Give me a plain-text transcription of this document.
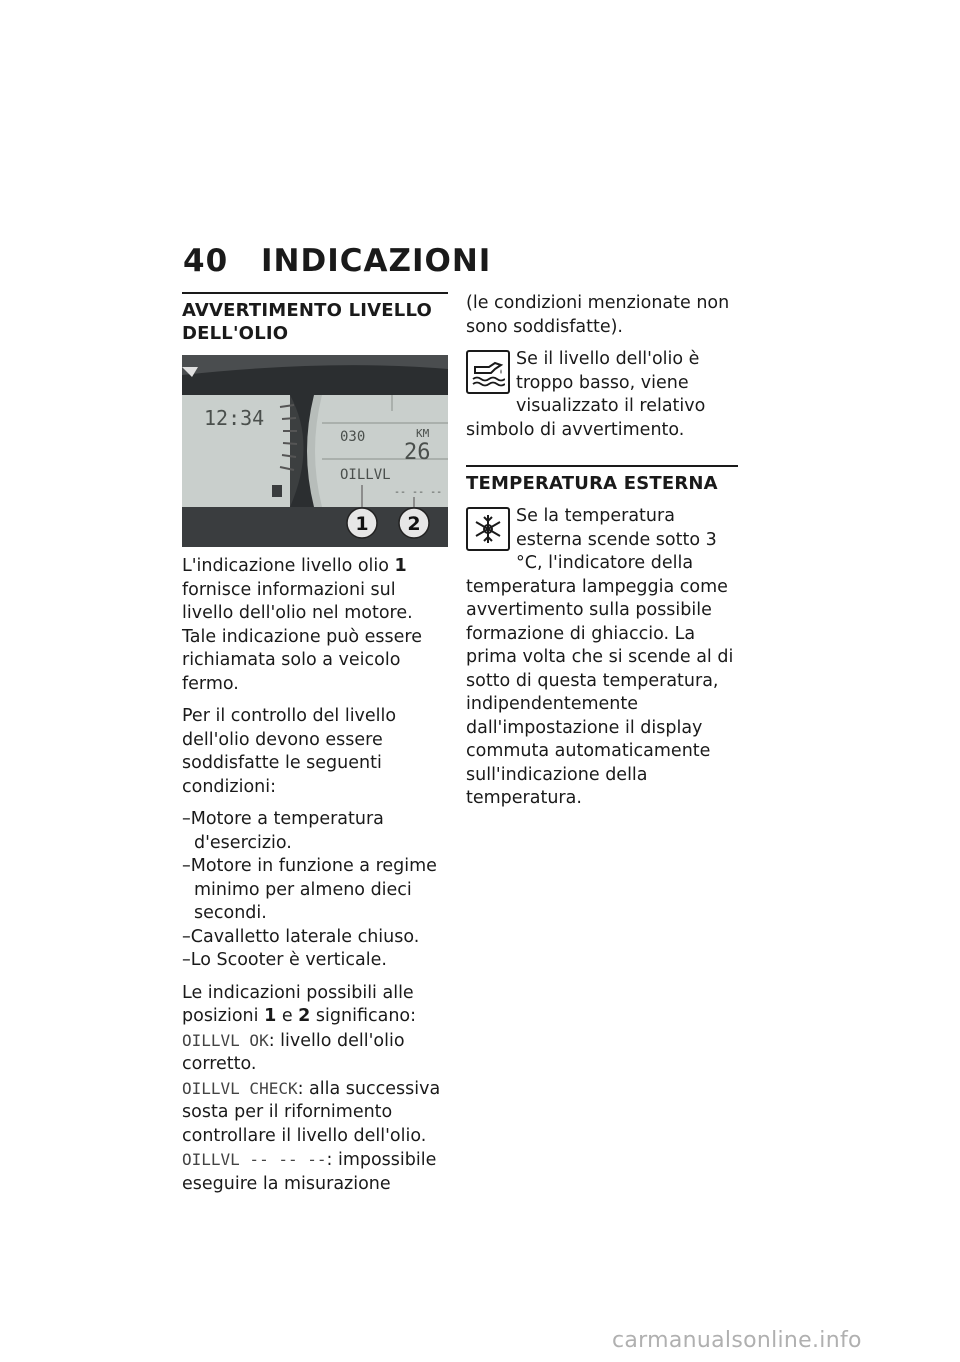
40 INDICAZIONI
AVVERTIMENTO LIVELLO DELL'OLIO
12:34
030	KM
26
OILLVL
-- -- --
1 2

L'indicazione livello olio 1 fornisce informazioni sul livello dell'olio nel motore. Tale indicazione può essere richiamata solo a veicolo fermo.

Per il controllo del livello dell'olio devono essere soddisfatte le seguenti condizioni:

– Motore a temperatura d'esercizio.
– Motore in funzione a regime minimo per almeno dieci secondi.
– Cavalletto laterale chiuso.
– Lo Scooter è verticale.

Le indicazioni possibili alle posizioni 1 e 2 significano:

OILLVL OK: livello dell'olio corretto.
OILLVL CHECK: alla successiva sosta per il rifornimento controllare il livello dell'olio.
OILLVL -- -- --: impossibile eseguire la misurazione

(le condizioni menzionate non sono soddisfatte).

Se il livello dell'olio è troppo basso, viene visualizzato il relativo simbolo di avvertimento.

TEMPERATURA ESTERNA

Se la temperatura esterna scende sotto 3 °C, l'indicatore della temperatura lampeggia come avvertimento sulla possibile formazione di ghiaccio. La prima volta che si scende al di sotto di questa temperatura, indipendentemente dall'impostazione il display commuta automaticamente sull'indicazione della temperatura.

carmanualsonline.info
